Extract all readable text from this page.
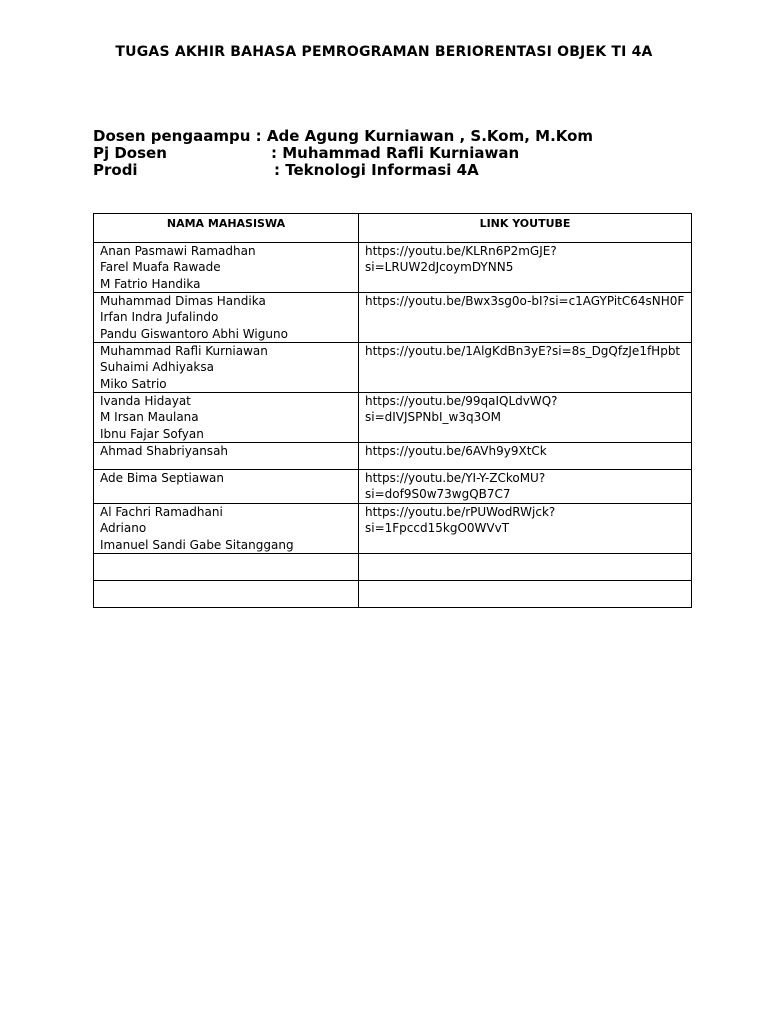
TUGAS AKHIR BAHASA PEMROGRAMAN BERIORENTASI OBJEK TI 4A
Dosen pengaampu
: Ade Agung Kurniawan , S.Kom, M.Kom
Pj Dosen	: Muhammad Rafli Kurniawan
Prodi	: Teknologi Informasi 4A
NAMA MAHASISWA	LINK YOUTUBE

Anan Pasmawi Ramadhan
Farel Muafa Rawade
M Fatrio Handika	https://youtu.be/KLRn6P2mGJE?
si=LRUW2dJcoymDYNN5

Muhammad Dimas Handika
Irfan Indra Jufalindo
Pandu Giswantoro Abhi Wiguno	https://youtu.be/Bwx3sg0o-bI?si=c1AGYPitC64sNH0F

Muhammad Rafli Kurniawan
Suhaimi Adhiyaksa
Miko Satrio	https://youtu.be/1AlgKdBn3yE?si=8s_DgQfzJe1fHpbt

Ivanda Hidayat
M Irsan Maulana
Ibnu Fajar Sofyan	https://youtu.be/99qaIQLdvWQ?
si=dIVJSPNbI_w3q3OM

Ahmad Shabriyansah	https://youtu.be/6AVh9y9XtCk

Ade Bima Septiawan	https://youtu.be/YI-Y-ZCkoMU?
si=dof9S0w73wgQB7C7

Al Fachri Ramadhani
Adriano
Imanuel Sandi Gabe Sitanggang	https://youtu.be/rPUWodRWjck?
si=1Fpccd15kgO0WVvT
